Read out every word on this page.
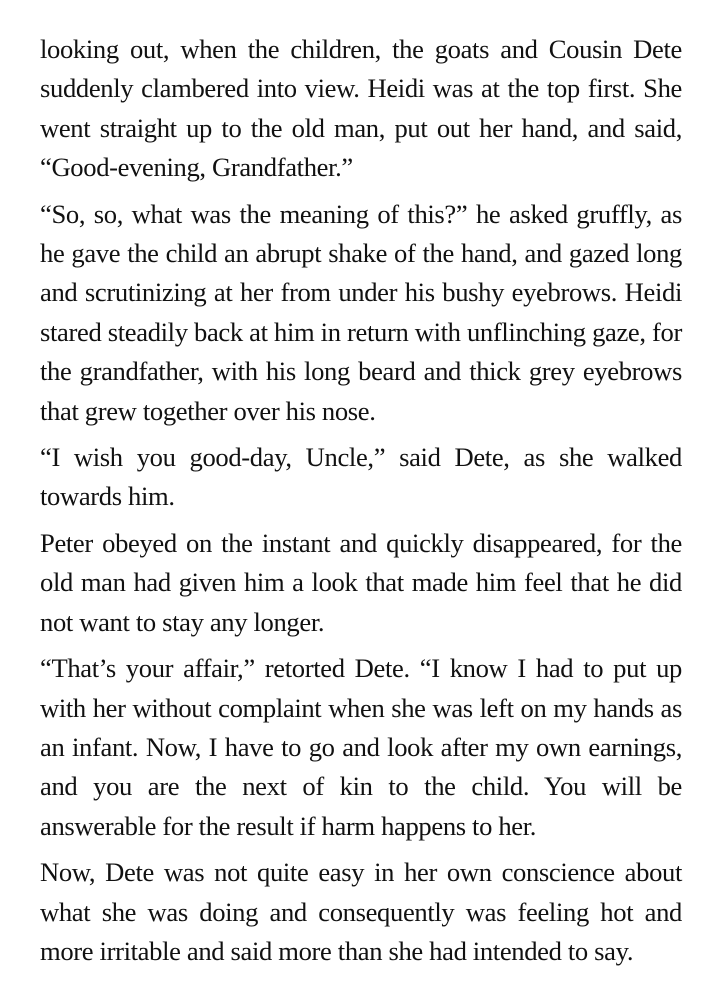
looking out, when the children, the goats and Cousin Dete suddenly clambered into view. Heidi was at the top first. She went straight up to the old man, put out her hand, and said, “Good-evening, Grandfather.”

“So, so, what was the meaning of this?” he asked gruffly, as he gave the child an abrupt shake of the hand, and gazed long and scrutinizing at her from under his bushy eyebrows. Heidi stared steadily back at him in return with unflinching gaze, for the grandfather, with his long beard and thick grey eyebrows that grew together over his nose.

“I wish you good-day, Uncle,” said Dete, as she walked towards him.

Peter obeyed on the instant and quickly disappeared, for the old man had given him a look that made him feel that he did not want to stay any longer.

“That’s your affair,” retorted Dete. “I know I had to put up with her without complaint when she was left on my hands as an infant. Now, I have to go and look after my own earnings, and you are the next of kin to the child. You will be answerable for the result if harm happens to her.

Now, Dete was not quite easy in her own conscience about what she was doing and consequently was feeling hot and more irritable and said more than she had intended to say.
